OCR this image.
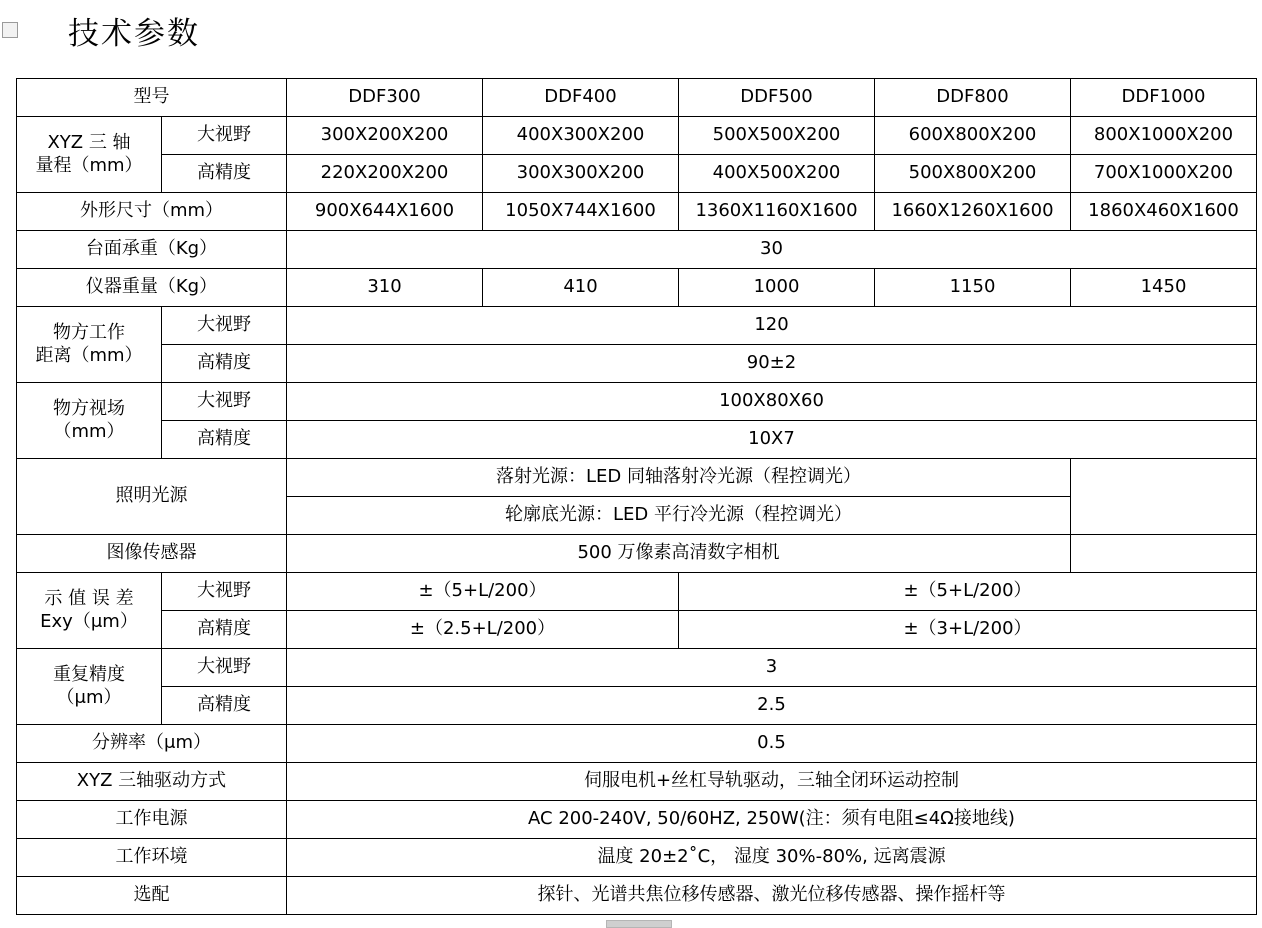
技术参数
型号		DDF300	DDF400	DDF500	DDF800	DDF1000

XYZ 三 轴
量程（mm）	大视野	300X200X200	400X300X200	500X500X200	600X800X200	800X1000X200
	高精度	220X200X200	300X300X200	400X500X200	500X800X200	700X1000X200
外形尺寸（mm）		900X644X1600	1050X744X1600	1360X1160X1600	1660X1260X1600	1860X460X1600
台面承重（Kg）		30				
仪器重量（Kg）		310	410	1000	1150	1450

物方工作
距离（mm）	大视野	120				
	高精度	90±2				

物方视场
（mm）	大视野	100X80X60				
	高精度	10X7				
照明光源		落射光源：LED 同轴落射冷光源（程控调光）				
		轮廓底光源：LED 平行冷光源（程控调光）				
图像传感器		500 万像素高清数字相机				

示 值 误 差
Exy（μm）	大视野	±（5+L/200）		±（5+L/200）		
	高精度	±（2.5+L/200）		±（3+L/200）		

重复精度
（μm）	大视野	3				
	高精度	2.5				
分辨率（μm）		0.5				
XYZ 三轴驱动方式		伺服电机+丝杠导轨驱动，三轴全闭环运动控制				
工作电源		AC 200-240V, 50/60HZ, 250W(注：须有电阻≤4Ω接地线)				
工作环境		温度 20±2˚C， 湿度 30%-80%, 远离震源				
选配		探针、光谱共焦位移传感器、激光位移传感器、操作摇杆等				
